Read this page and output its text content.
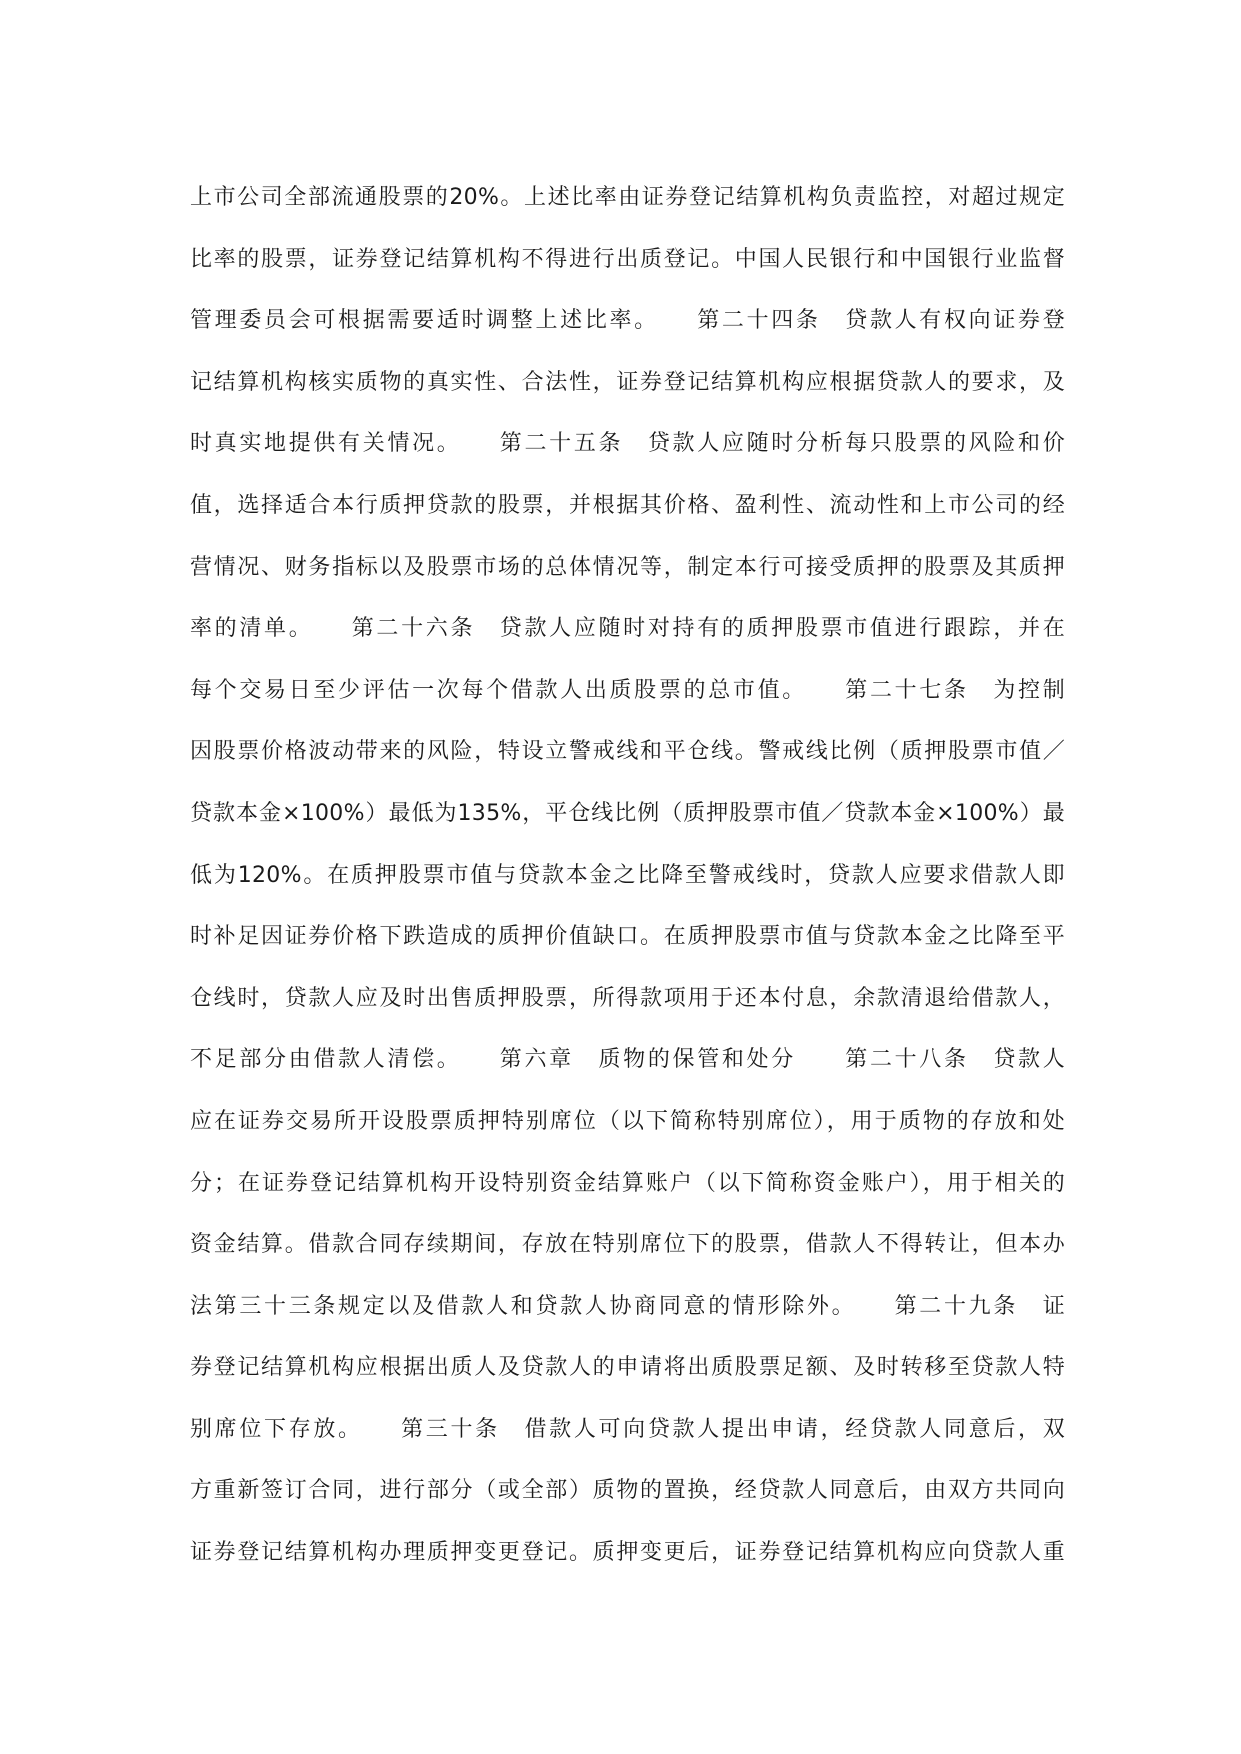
上市公司全部流通股票的20%。上述比率由证券登记结算机构负责监控，对超过规定
比率的股票，证券登记结算机构不得进行出质登记。中国人民银行和中国银行业监督
管理委员会可根据需要适时调整上述比率。　　第二十四条　贷款人有权向证券登
记结算机构核实质物的真实性、合法性，证券登记结算机构应根据贷款人的要求，及
时真实地提供有关情况。　　第二十五条　贷款人应随时分析每只股票的风险和价
值，选择适合本行质押贷款的股票，并根据其价格、盈利性、流动性和上市公司的经
营情况、财务指标以及股票市场的总体情况等，制定本行可接受质押的股票及其质押
率的清单。　　第二十六条　贷款人应随时对持有的质押股票市值进行跟踪，并在
每个交易日至少评估一次每个借款人出质股票的总市值。　　第二十七条　为控制
因股票价格波动带来的风险，特设立警戒线和平仓线。警戒线比例（质押股票市值／
贷款本金×100%）最低为135%，平仓线比例（质押股票市值／贷款本金×100%）最
低为120%。在质押股票市值与贷款本金之比降至警戒线时，贷款人应要求借款人即
时补足因证券价格下跌造成的质押价值缺口。在质押股票市值与贷款本金之比降至平
仓线时，贷款人应及时出售质押股票，所得款项用于还本付息，余款清退给借款人，
不足部分由借款人清偿。　　第六章　质物的保管和处分　　第二十八条　贷款人
应在证券交易所开设股票质押特别席位（以下简称特别席位），用于质物的存放和处
分；在证券登记结算机构开设特别资金结算账户（以下简称资金账户），用于相关的
资金结算。借款合同存续期间，存放在特别席位下的股票，借款人不得转让，但本办
法第三十三条规定以及借款人和贷款人协商同意的情形除外。　　第二十九条　证
券登记结算机构应根据出质人及贷款人的申请将出质股票足额、及时转移至贷款人特
别席位下存放。　　第三十条　借款人可向贷款人提出申请，经贷款人同意后，双
方重新签订合同，进行部分（或全部）质物的置换，经贷款人同意后，由双方共同向
证券登记结算机构办理质押变更登记。质押变更后，证券登记结算机构应向贷款人重
